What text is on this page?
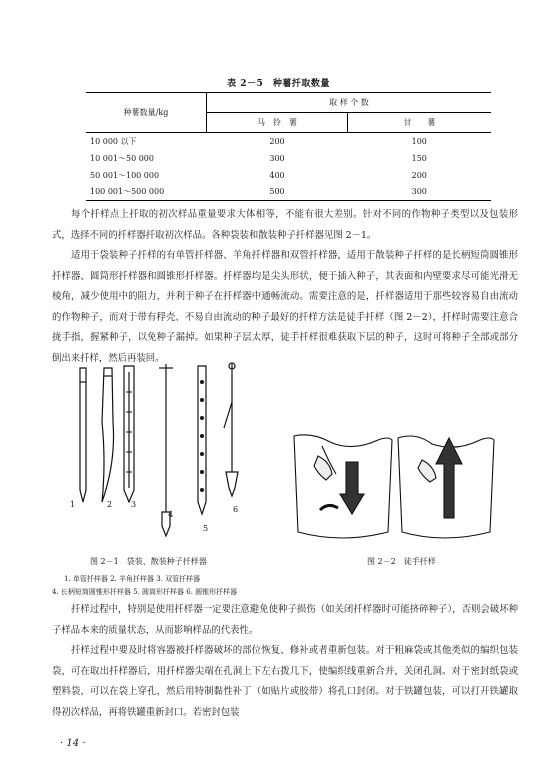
表 2－5　种薯扦取数量
种薯数量/kg	取 样 个 数	
	马　铃　薯	甘　　薯
10 000 以下	200	100
10 001～50 000	300	150
50 001～100 000	400	200
100 001～500 000	500	300
每个扦样点上扦取的初次样品重量要求大体相等，不能有很大差别。针对不同的作物种子类型以及包装形式，选择不同的扦样器扦取初次样品。各种袋装和散装种子扦样器见图 2－1。
适用于袋装种子扦样的有单管扦样器、羊角扦样器和双管扦样器，适用于散装种子扦样的是长柄短筒圆锥形扦样器、圆筒形扦样器和圆锥形扦样器。扦样器均是尖头形状，便于插入种子，其表面和内壁要求尽可能光滑无棱角，减少使用中的阻力，并利于种子在扦样器中通畅流动。需要注意的是，扦样器适用于那些较容易自由流动的作物种子，而对于带有稃壳、不易自由流动的种子最好的扦样方法是徒手扦样（图 2－2），扦样时需要注意合拢手指，握紧种子，以免种子漏掉。如果种子层太厚，徒手扦样很难获取下层的种子，这时可将种子全部或部分倒出来扦样，然后再装回。
1	2 3
4
5
6
图 2－1　袋装、散装种子扦样器	图 2－2　徒手扦样
1. 单管扦样器 2. 羊角扦样器 3. 双管扦样器
4. 长柄短筒圆锥形扦样器 5. 圆筒形扦样器 6. 圆锥形扦样器
扦样过程中，特别是使用扦样器一定要注意避免使种子损伤（如关闭扦样器时可能挤碎种子），否则会破坏种子样品本来的质量状态，从而影响样品的代表性。
扦样过程中要及时将容器被扦样器破坏的部位恢复、修补或者重新包装。对于粗麻袋或其他类似的编织包装袋，可在取出扦样器后，用扦样器尖端在孔洞上下左右拨几下，使编织线重新合并，关闭孔洞。对于密封纸袋或塑料袋，可以在袋上穿孔，然后用特制黏性补丁（如贴片或胶带）将孔口封闭。对于铁罐包装，可以打开铁罐取得初次样品，再将铁罐重新封口。若密封包装
· 14 ·
